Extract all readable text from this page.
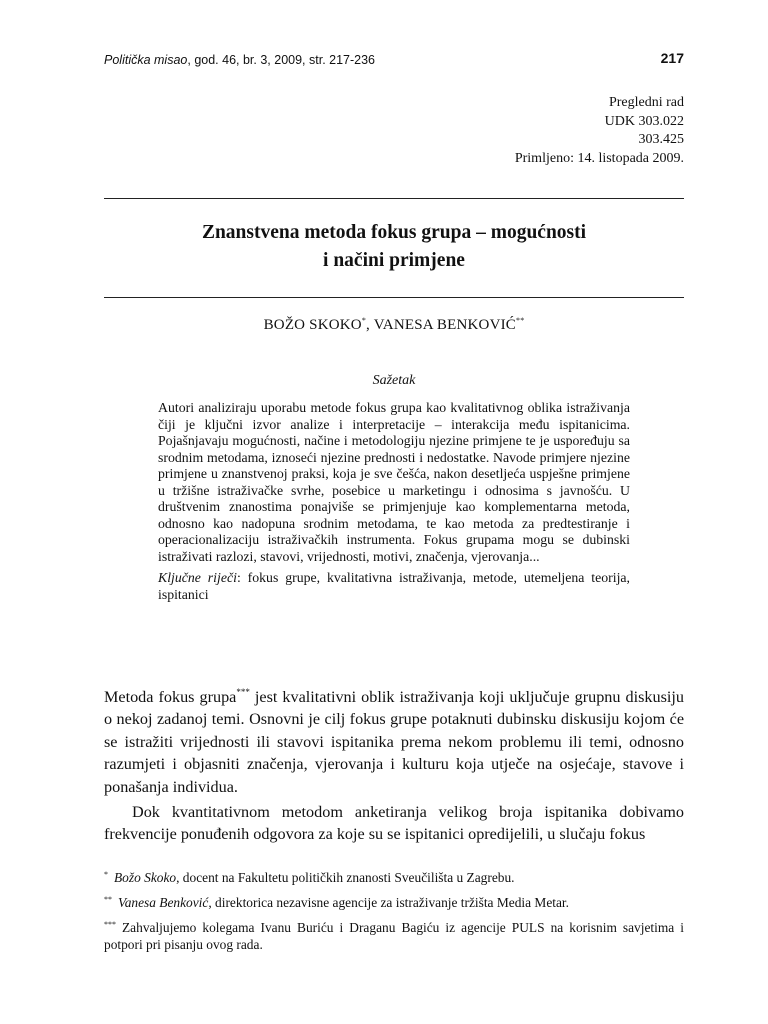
Politička misao, god. 46, br. 3, 2009, str. 217-236	217
Pregledni rad
UDK 303.022
303.425
Primljeno: 14. listopada 2009.
Znanstvena metoda fokus grupa – mogućnosti
i načini primjene
BOŽO SKOKO*, VANESA BENKOVIĆ**
Sažetak

Autori analiziraju uporabu metode fokus grupa kao kvalitativnog oblika istraživanja čiji je ključni izvor analize i interpretacije – interakcija među ispitanicima. Pojašnjavaju mogućnosti, načine i metodologiju njezine primjene te je uspoređuju sa srodnim metodama, iznoseći njezine prednosti i nedostatke. Navode primjere njezine primjene u znanstvenoj praksi, koja je sve češća, nakon desetljeća uspješne primjene u tržišne istraživačke svrhe, posebice u marketingu i odnosima s javnošću. U društvenim znanostima ponajviše se primjenjuje kao komplementarna metoda, odnosno kao nadopuna srodnim metodama, te kao metoda za predtestiranje i operacionalizaciju istraživačkih instrumenta. Fokus grupama mogu se dubinski istraživati razlozi, stavovi, vrijednosti, motivi, značenja, vjerovanja...

Ključne riječi: fokus grupe, kvalitativna istraživanja, metode, utemeljena teorija, ispitanici

Metoda fokus grupa*** jest kvalitativni oblik istraživanja koji uključuje grupnu diskusiju o nekoj zadanoj temi. Osnovni je cilj fokus grupe potaknuti dubinsku diskusiju kojom će se istražiti vrijednosti ili stavovi ispitanika prema nekom problemu ili temi, odnosno razumjeti i objasniti značenja, vjerovanja i kulturu koja utječe na osjećaje, stavove i ponašanja individua.

Dok kvantitativnom metodom anketiranja velikog broja ispitanika dobivamo frekvencije ponuđenih odgovora za koje su se ispitanici opredijelili, u slučaju fokus

* Božo Skoko, docent na Fakultetu političkih znanosti Sveučilišta u Zagrebu.

** Vanesa Benković, direktorica nezavisne agencije za istraživanje tržišta Media Metar.

*** Zahvaljujemo kolegama Ivanu Buriću i Draganu Bagiću iz agencije PULS na korisnim savjetima i potpori pri pisanju ovog rada.
